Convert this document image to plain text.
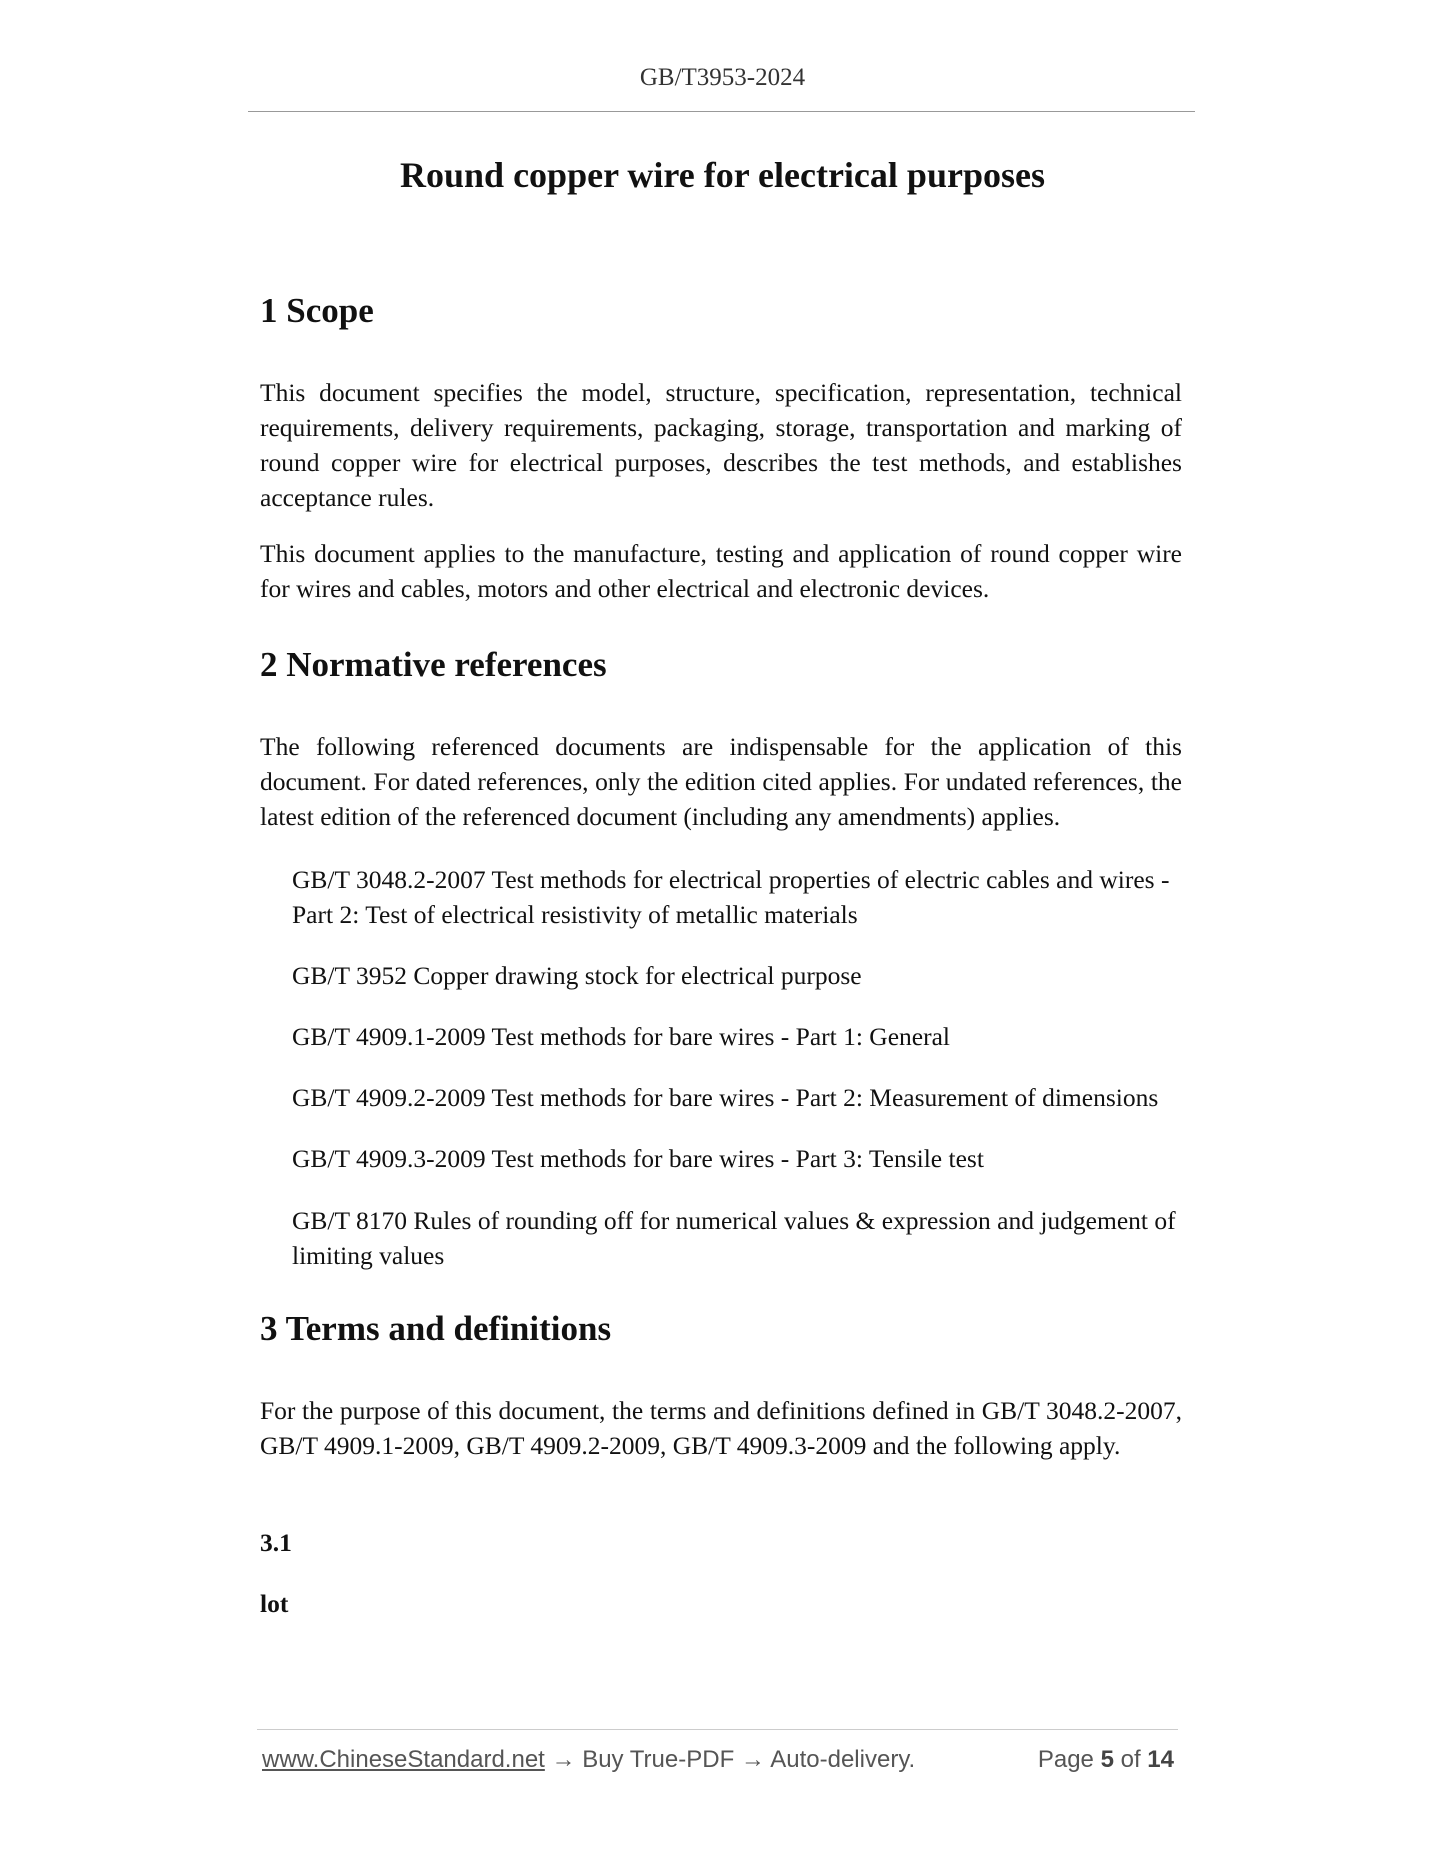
GB/T3953-2024
Round copper wire for electrical purposes
1 Scope

This document specifies the model, structure, specification, representation, technical requirements, delivery requirements, packaging, storage, transportation and marking of round copper wire for electrical purposes, describes the test methods, and establishes acceptance rules.

This document applies to the manufacture, testing and application of round copper wire for wires and cables, motors and other electrical and electronic devices.

2 Normative references

The following referenced documents are indispensable for the application of this document. For dated references, only the edition cited applies. For undated references, the latest edition of the referenced document (including any amendments) applies.

GB/T 3048.2-2007 Test methods for electrical properties of electric cables and wires - Part 2: Test of electrical resistivity of metallic materials

GB/T 3952 Copper drawing stock for electrical purpose

GB/T 4909.1-2009 Test methods for bare wires - Part 1: General

GB/T 4909.2-2009 Test methods for bare wires - Part 2: Measurement of dimensions

GB/T 4909.3-2009 Test methods for bare wires - Part 3: Tensile test

GB/T 8170 Rules of rounding off for numerical values & expression and judgement of limiting values

3 Terms and definitions

For the purpose of this document, the terms and definitions defined in GB/T 3048.2-2007, GB/T 4909.1-2009, GB/T 4909.2-2009, GB/T 4909.3-2009 and the following apply.

3.1

lot

www.ChineseStandard.net → Buy True-PDF → Auto-delivery.	Page 5 of 14
